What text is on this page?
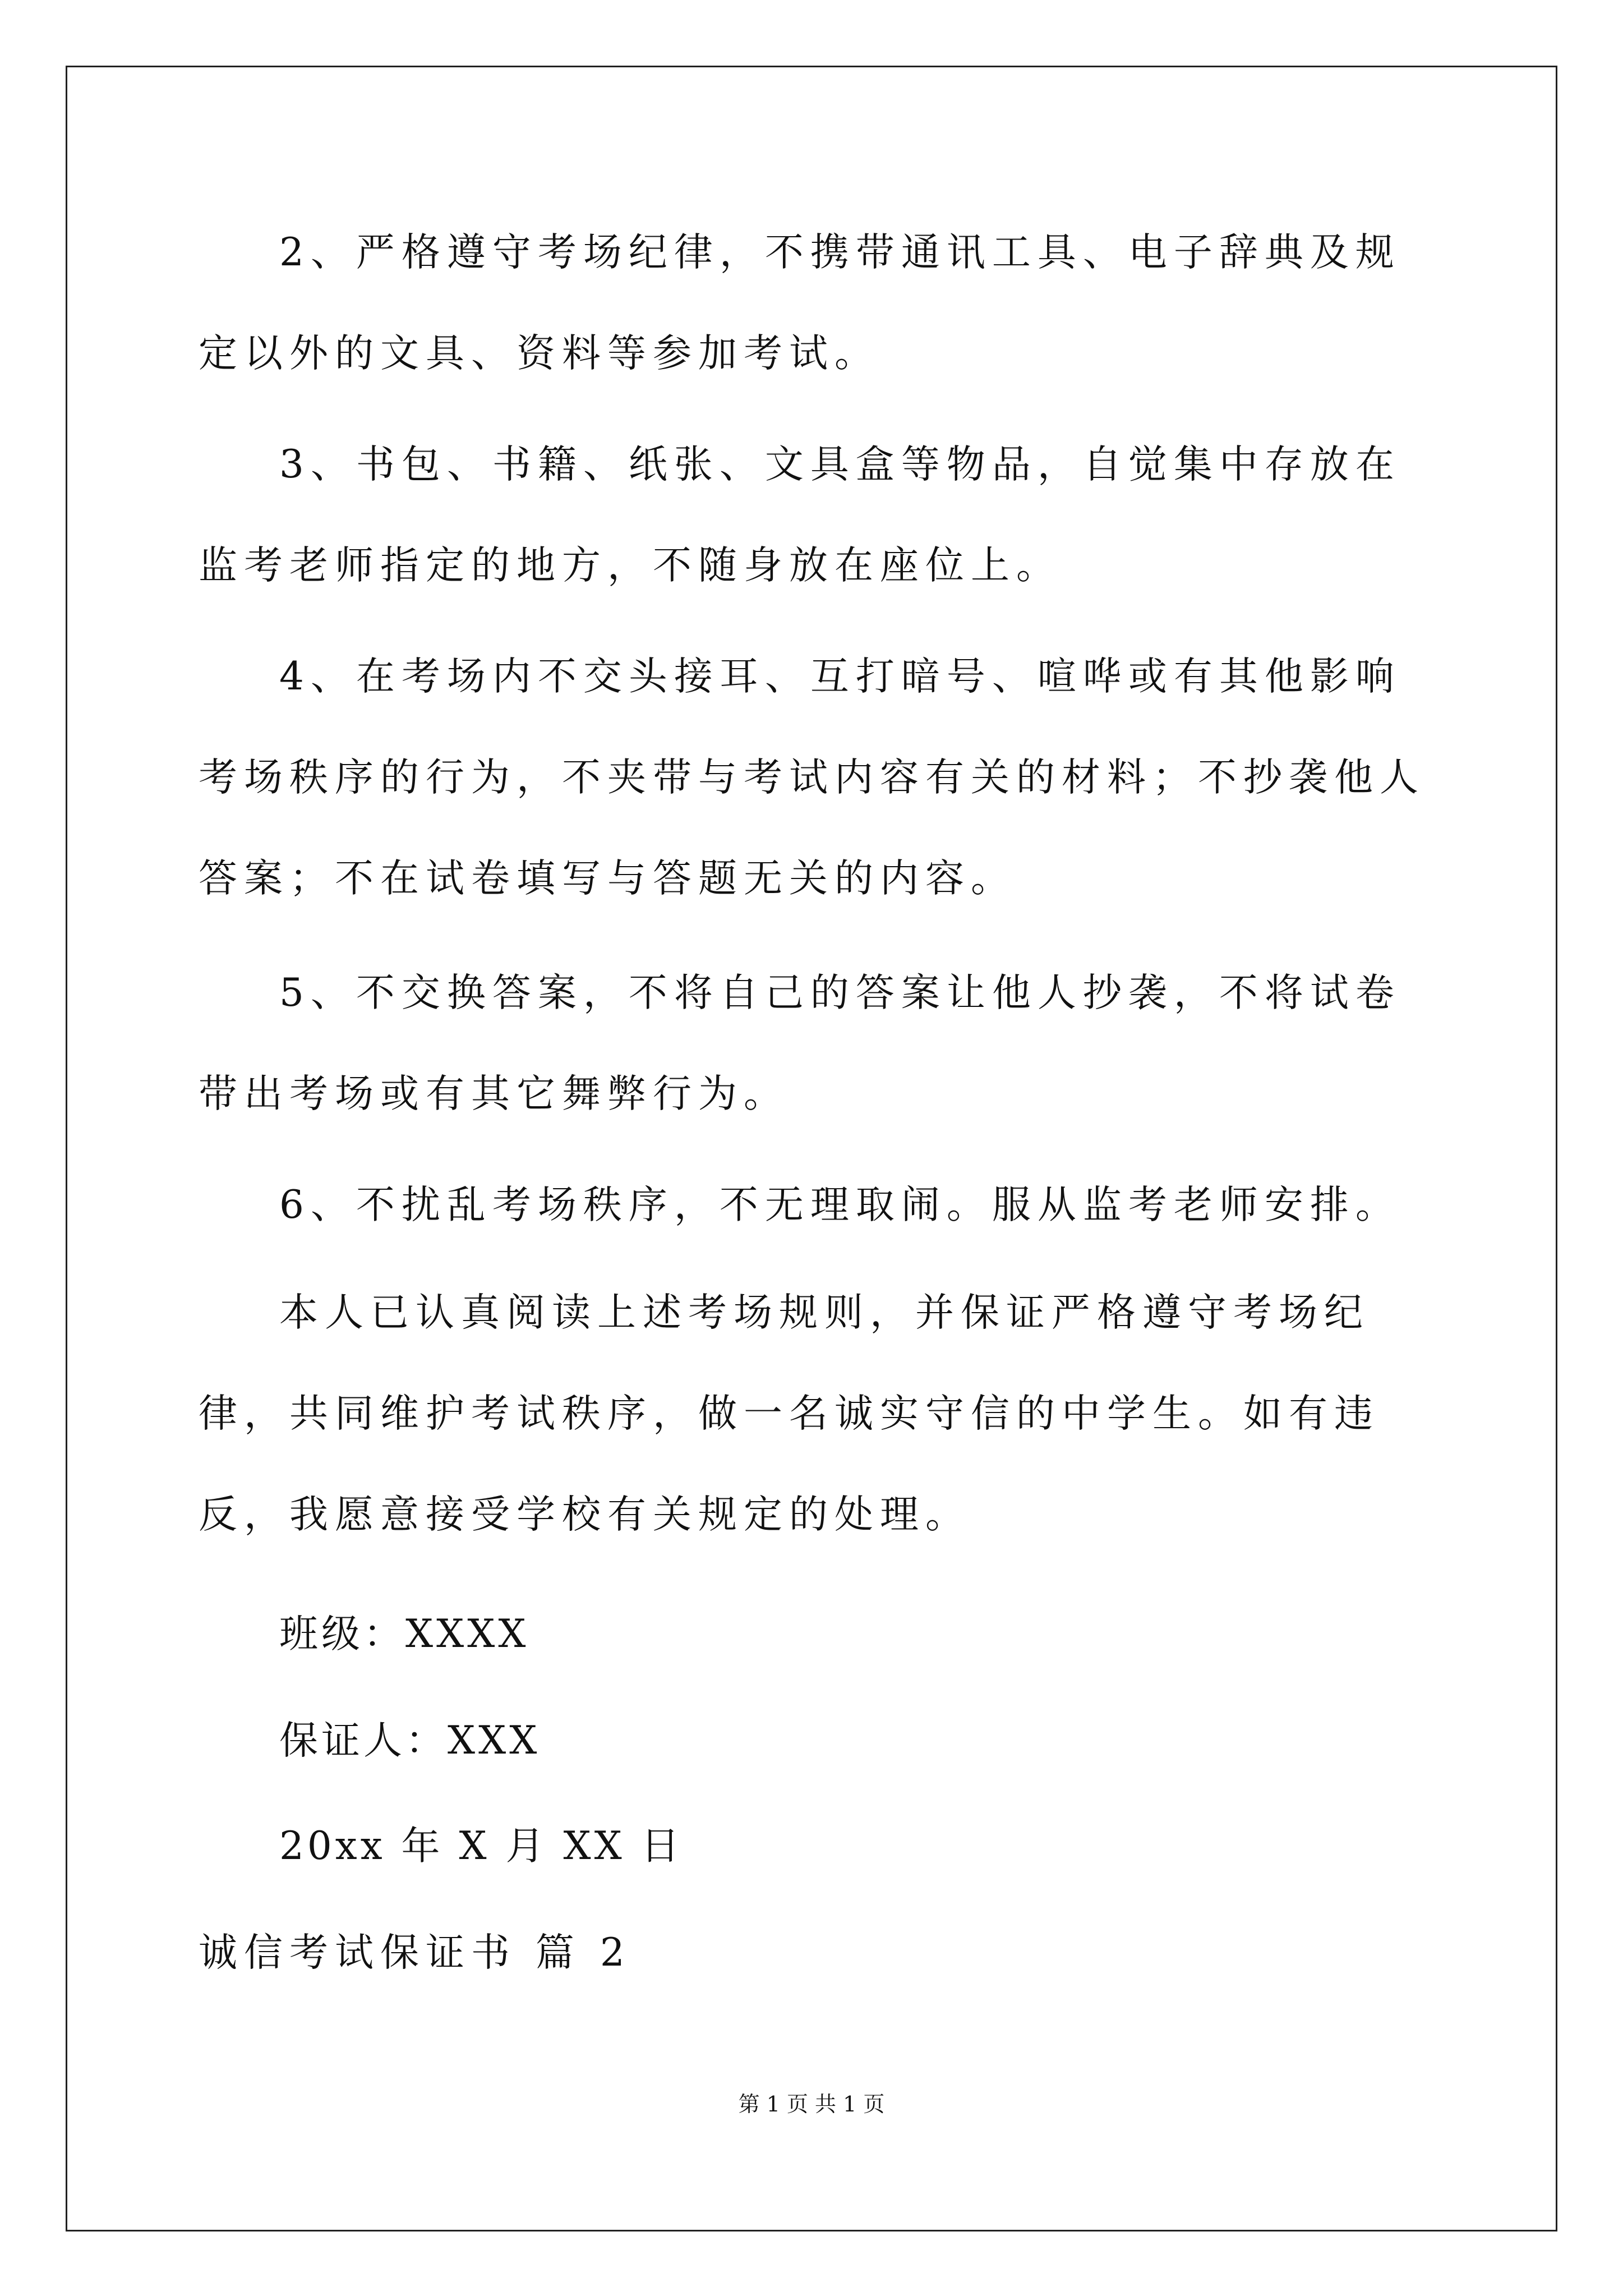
2、严格遵守考场纪律，不携带通讯工具、电子辞典及规定以外的文具、资料等参加考试。

3、书包、书籍、纸张、文具盒等物品，自觉集中存放在监考老师指定的地方，不随身放在座位上。

4、在考场内不交头接耳、互打暗号、喧哗或有其他影响考场秩序的行为，不夹带与考试内容有关的材料；不抄袭他人答案；不在试卷填写与答题无关的内容。

5、不交换答案，不将自己的答案让他人抄袭，不将试卷带出考场或有其它舞弊行为。

6、不扰乱考场秩序，不无理取闹。服从监考老师安排。

本人已认真阅读上述考场规则，并保证严格遵守考场纪律，共同维护考试秩序，做一名诚实守信的中学生。如有违反，我愿意接受学校有关规定的处理。

班级：XXXX

保证人：XXX

20xx 年 X 月 XX 日

诚信考试保证书 篇 2

第 1 页 共 1 页
